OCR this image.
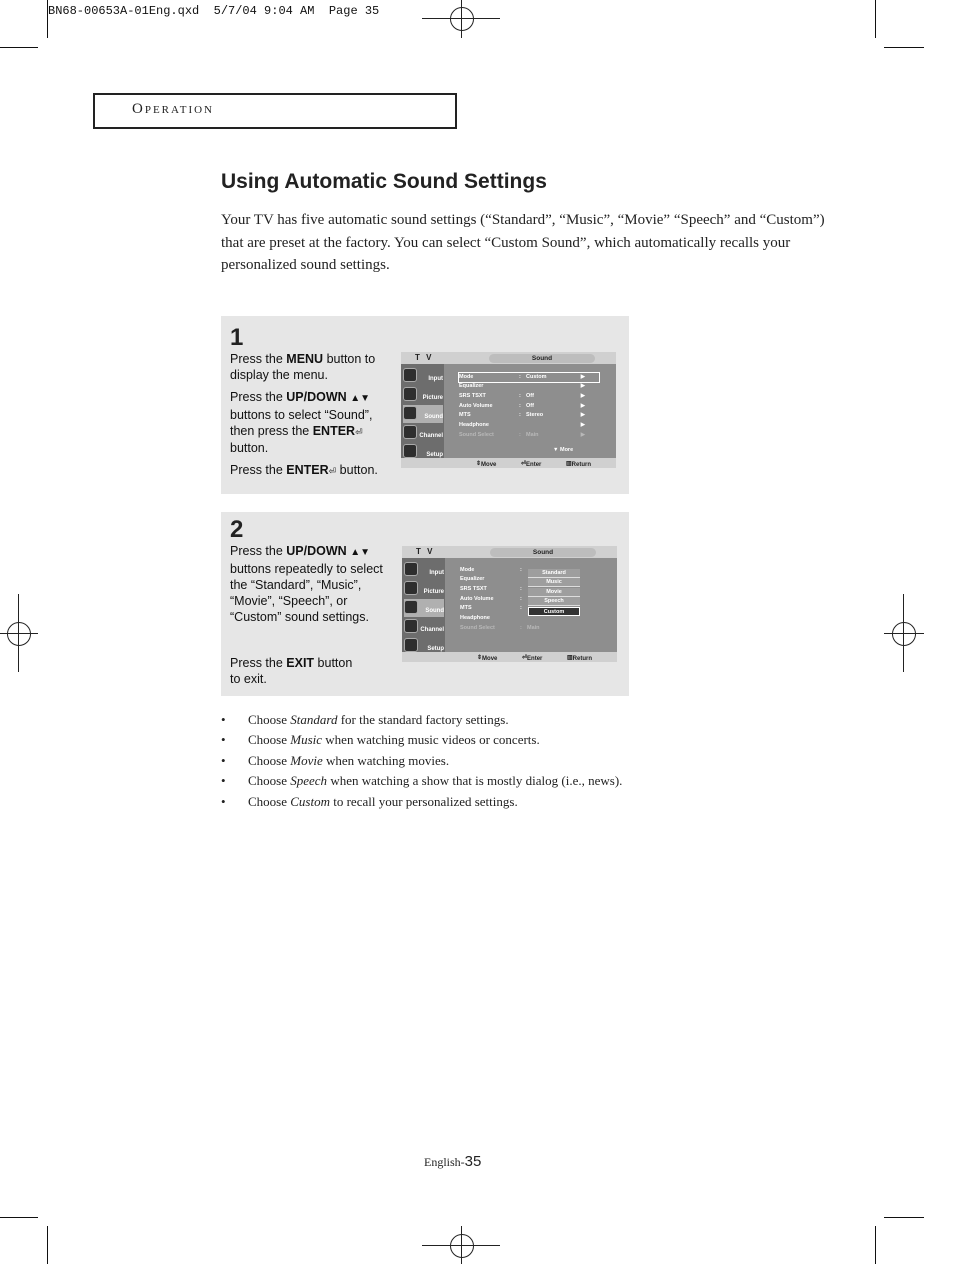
BN68-00653A-01Eng.qxd  5/7/04 9:04 AM  Page 35
Operation
Using Automatic Sound Settings
Your TV has five automatic sound settings (“Standard”, “Music”, “Movie” “Speech” and “Custom”) that are preset at the factory. You can select “Custom Sound”, which automatically recalls your personalized sound settings.
1

Press the MENU button to display the menu.

Press the UP/DOWN ▲▼ buttons to select “Sound”, then press the ENTER⏎ button.

Press the ENTER⏎ button.

T V	Sound
Input
Picture
Sound
Channel
Setup
Mode	: Custom	▶
Equalizer	▶
SRS TSXT	: Off	▶
Auto Volume	: Off	▶
MTS	: Stereo	▶
Headphone	▶
Sound Select	: Main	▶
▼ More
⇕ Move	⏎ Enter	▥ Return
2

Press the UP/DOWN ▲▼ buttons repeatedly to select the “Standard”, “Music”, “Movie”, “Speech”, or “Custom” sound settings.

Press the EXIT button to exit.

T V	Sound
Input
Picture
Sound
Channel
Setup
Mode	:
Equalizer
SRS TSXT	:
Auto Volume	:
MTS	:
Headphone
Sound Select	: Main
Standard
Music
Movie
Speech
Custom
⇕ Move	⏎ Enter	▥ Return
• Choose Standard for the standard factory settings.
• Choose Music when watching music videos or concerts.
• Choose Movie when watching movies.
• Choose Speech when watching a show that is mostly dialog (i.e., news).
• Choose Custom to recall your personalized settings.
English-35
